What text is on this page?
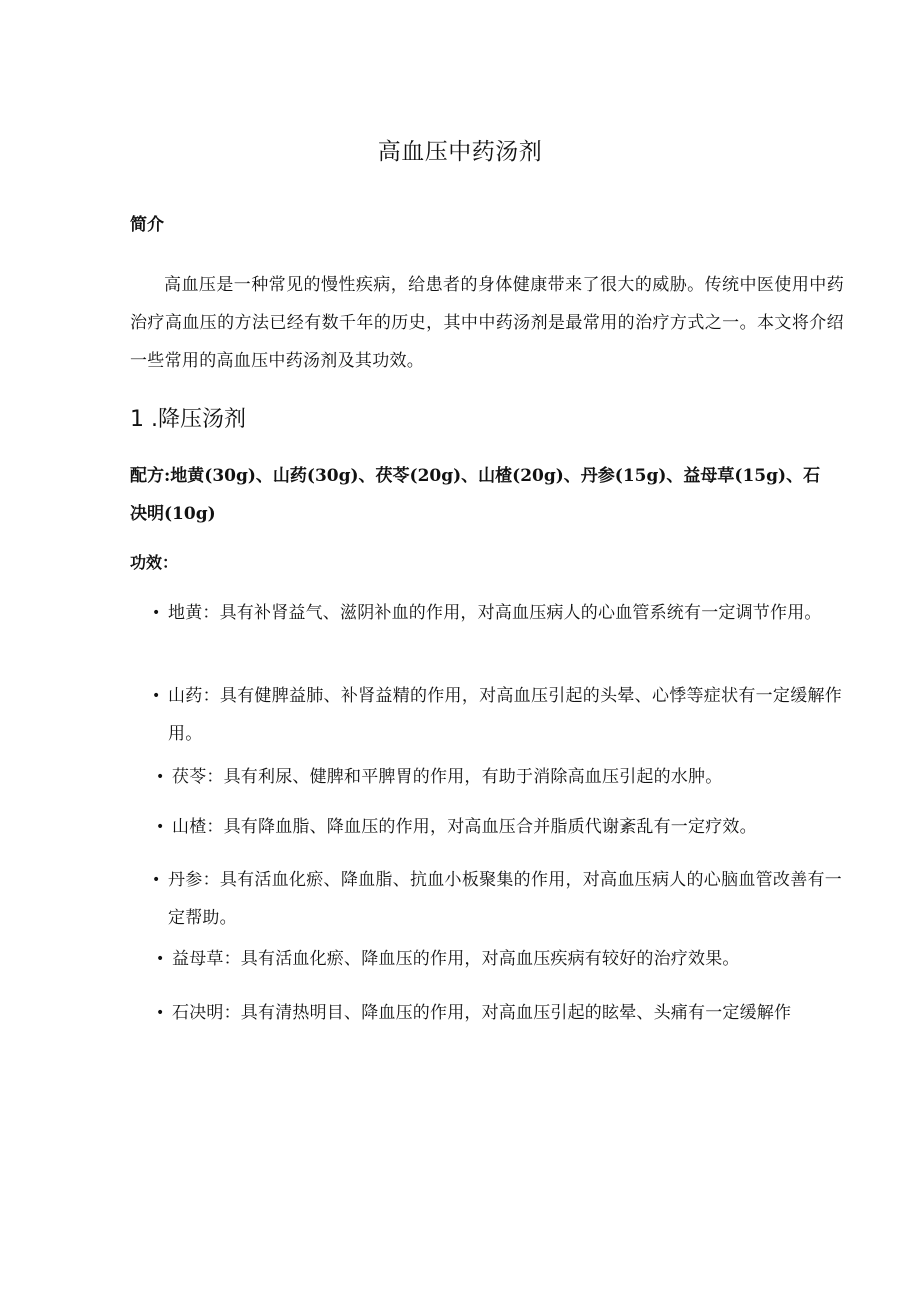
高血压中药汤剂
简介
高血压是一种常见的慢性疾病，给患者的身体健康带来了很大的威胁。传统中医使用中药治疗高血压的方法已经有数千年的历史，其中中药汤剂是最常用的治疗方式之一。本文将介绍一些常用的高血压中药汤剂及其功效。
1 .降压汤剂
配方:地黄(30g)、山药(30g)、茯苓(20g)、山楂(20g)、丹参(15g)、益母草(15g)、石决明(10g)
功效：
• 地黄：具有补肾益气、滋阴补血的作用，对高血压病人的心血管系统有一定调节作用。
• 山药：具有健脾益肺、补肾益精的作用，对高血压引起的头晕、心悸等症状有一定缓解作用。
• 茯苓：具有利尿、健脾和平脾胃的作用，有助于消除高血压引起的水肿。
• 山楂：具有降血脂、降血压的作用，对高血压合并脂质代谢紊乱有一定疗效。
• 丹参：具有活血化瘀、降血脂、抗血小板聚集的作用，对高血压病人的心脑血管改善有一定帮助。
• 益母草：具有活血化瘀、降血压的作用，对高血压疾病有较好的治疗效果。
• 石决明：具有清热明目、降血压的作用，对高血压引起的眩晕、头痛有一定缓解作
